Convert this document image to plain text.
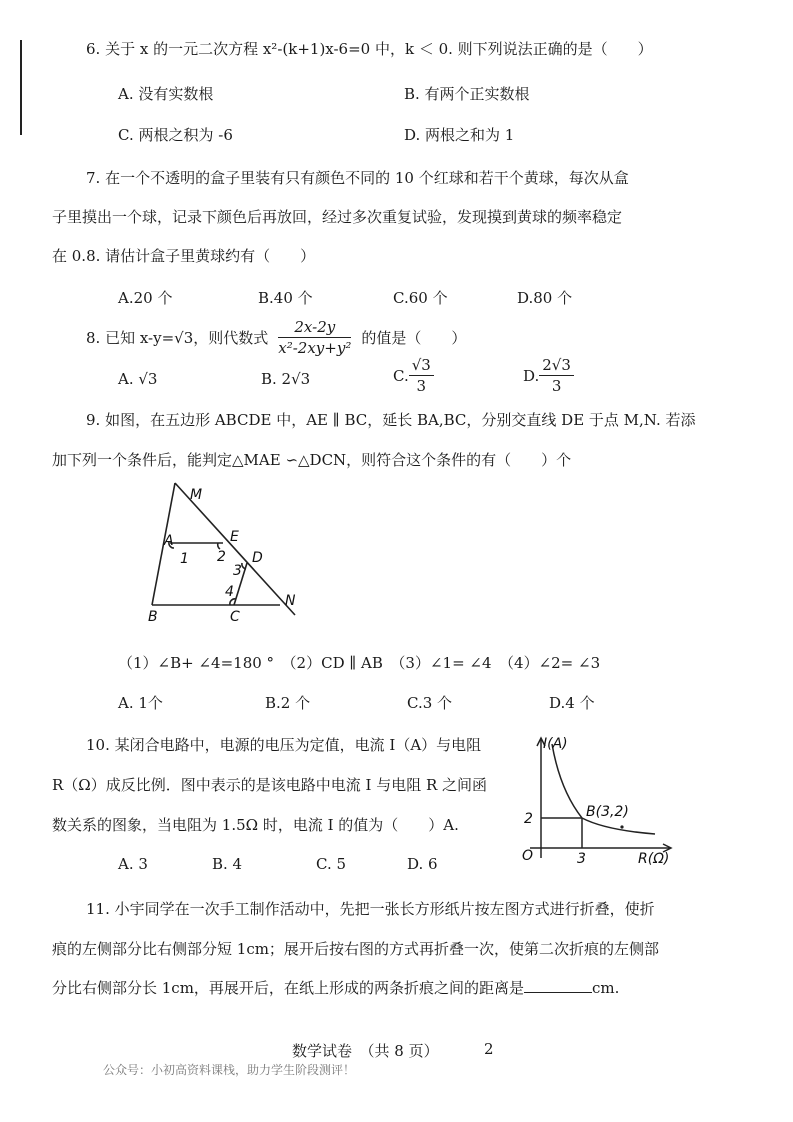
6. 关于 x 的一元二次方程 x²-(k+1)x-6=0 中，k ＜ 0. 则下列说法正确的是（　　）
A. 没有实数根	B. 有两个正实数根
C. 两根之积为 -6	D. 两根之和为 1
7. 在一个不透明的盒子里装有只有颜色不同的 10 个红球和若干个黄球，每次从盒
子里摸出一个球，记录下颜色后再放回，经过多次重复试验，发现摸到黄球的频率稳定
在 0.8. 请估计盒子里黄球约有（　　）
A.20 个	B.40 个	C.60 个	D.80 个
8. 已知 x-y=√3，则代数式 $\frac{2x-2y}{\text{x²-2xy+y²}}$ 的值是（　　）
A. √3	B. 2√3	C. $\frac{√3}{3}$	D. $\frac{2√3}{3}$
9. 如图，在五边形 ABCDE 中，AE ∥ BC，延长 BA,BC，分别交直线 DE 于点 M,N. 若添
加下列一个条件后，能判定△MAE ∽△DCN，则符合这个条件的有（　　）个
M
A	E
D
1 2
3
4
B	C
N
（1）∠B+ ∠4=180 °　（2）CD ∥ AB　（3）∠1= ∠4　（4）∠2= ∠3
A. 1个	B.2 个	C.3 个	D.4 个
10. 某闭合电路中，电源的电压为定值，电流 I（A）与电阻
R（Ω）成反比例．图中表示的是该电路中电流 I 与电阻 R 之间函
数关系的图象，当电阻为 1.5Ω 时，电流 I 的值为（　　）A.
A. 3	B. 4	C. 5	D. 6
I(A)
R(Ω)
O
B(3,2)
3
2
11. 小宇同学在一次手工制作活动中，先把一张长方形纸片按左图方式进行折叠，使折
痕的左侧部分比右侧部分短 1cm；展开后按右图的方式再折叠一次，使第二次折痕的左侧部
分比右侧部分长 1cm，再展开后，在纸上形成的两条折痕之间的距离是	cm.
数学试卷　（共 8 页）	2
公众号：小初高资料课栈，助力学生阶段测评！
